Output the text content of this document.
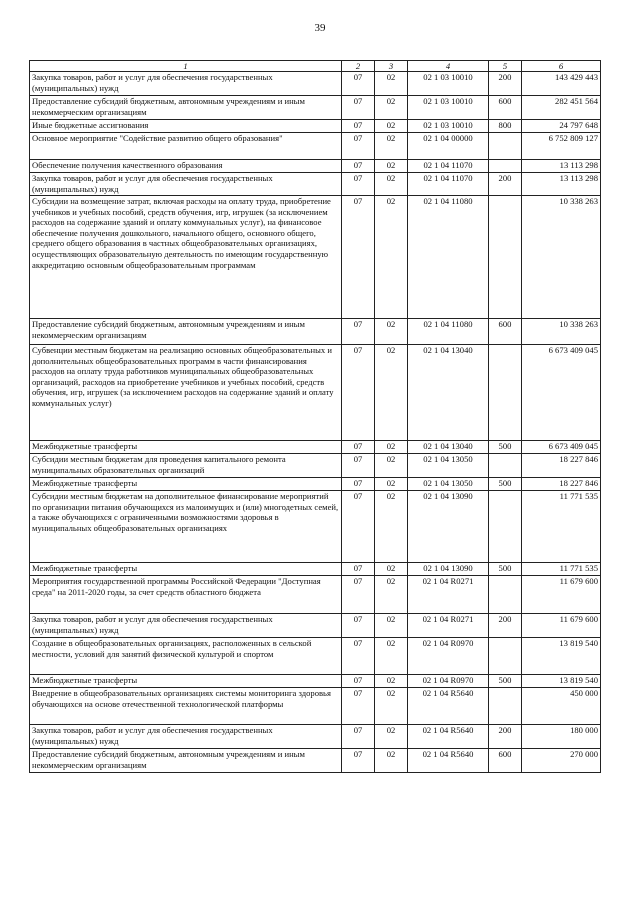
39
1	2	3	4	5	6
Закупка товаров, работ и услуг для обеспечения государственных (муниципальных) нужд	07	02	02 1 03 10010	200	143 429 443
Предоставление субсидий бюджетным, автономным учреждениям и иным некоммерческим организациям	07	02	02 1 03 10010	600	282 451 564
Иные бюджетные ассигнования	07	02	02 1 03 10010	800	24 797 648
Основное мероприятие "Содействие развитию общего образования"	07	02	02 1 04 00000		6 752 809 127
Обеспечение получения качественного образования	07	02	02 1 04 11070		13 113 298
Закупка товаров, работ и услуг для обеспечения государственных (муниципальных) нужд	07	02	02 1 04 11070	200	13 113 298
Субсидии на возмещение затрат, включая расходы на оплату труда, приобретение учебников и учебных пособий, средств обучения, игр, игрушек (за исключением расходов на содержание зданий и оплату коммунальных услуг), на финансовое обеспечение получения дошкольного, начального общего, основного общего, среднего общего образования в частных общеобразовательных организациях, осуществляющих образовательную деятельность по имеющим государственную аккредитацию основным общеобразовательным программам	07	02	02 1 04 11080		10 338 263
Предоставление субсидий бюджетным, автономным учреждениям и иным некоммерческим организациям	07	02	02 1 04 11080	600	10 338 263
Субвенции местным бюджетам на реализацию основных общеобразовательных и дополнительных общеобразовательных программ в части финансирования расходов на оплату труда работников муниципальных общеобразовательных организаций, расходов на приобретение учебников и учебных пособий, средств обучения, игр, игрушек (за исключением расходов на содержание зданий и оплату коммунальных услуг)	07	02	02 1 04 13040		6 673 409 045
Межбюджетные трансферты	07	02	02 1 04 13040	500	6 673 409 045
Субсидии местным бюджетам для проведения капитального ремонта муниципальных образовательных организаций	07	02	02 1 04 13050		18 227 846
Межбюджетные трансферты	07	02	02 1 04 13050	500	18 227 846
Субсидии местным бюджетам на дополнительное финансирование мероприятий по организации питания обучающихся из малоимущих и (или) многодетных семей, а также обучающихся с ограниченными возможностями здоровья в муниципальных общеобразовательных организациях	07	02	02 1 04 13090		11 771 535
Межбюджетные трансферты	07	02	02 1 04 13090	500	11 771 535
Мероприятия государственной программы Российской Федерации "Доступная среда" на 2011-2020 годы, за счет средств областного бюджета	07	02	02 1 04 R0271		11 679 600
Закупка товаров, работ и услуг для обеспечения государственных (муниципальных) нужд	07	02	02 1 04 R0271	200	11 679 600
Создание в общеобразовательных организациях, расположенных в сельской местности, условий для занятий физической культурой и спортом	07	02	02 1 04 R0970		13 819 540
Межбюджетные трансферты	07	02	02 1 04 R0970	500	13 819 540
Внедрение в общеобразовательных организациях системы мониторинга здоровья обучающихся на основе отечественной технологической платформы	07	02	02 1 04 R5640		450 000
Закупка товаров, работ и услуг для обеспечения государственных (муниципальных) нужд	07	02	02 1 04 R5640	200	180 000
Предоставление субсидий бюджетным, автономным учреждениям и иным некоммерческим организациям	07	02	02 1 04 R5640	600	270 000
